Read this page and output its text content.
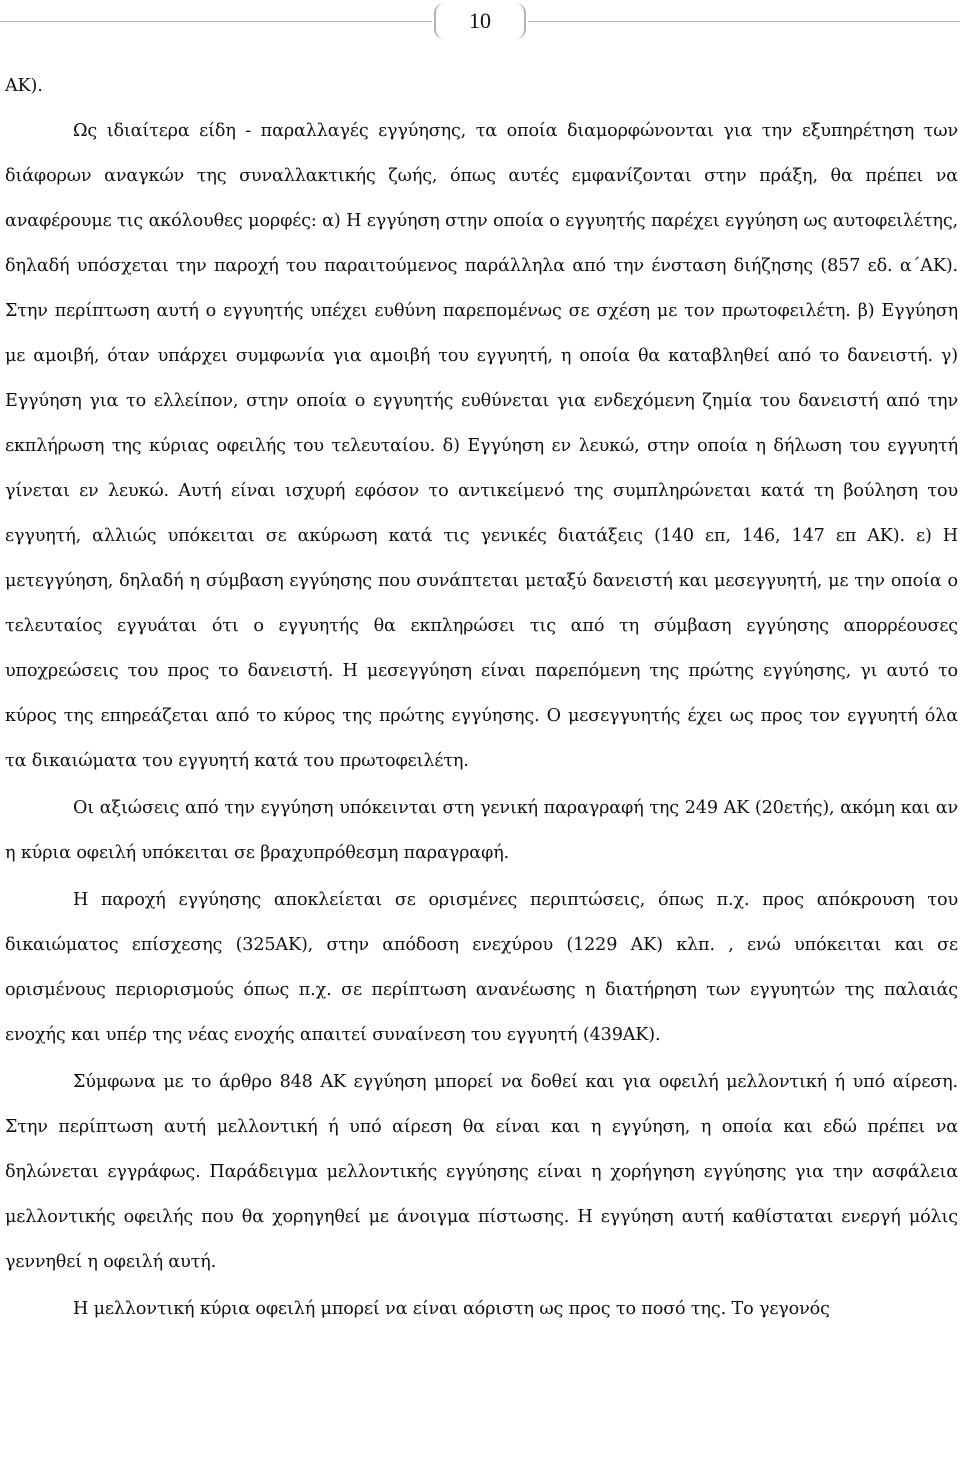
10

ΑΚ).

Ως ιδιαίτερα είδη - παραλλαγές εγγύησης, τα οποία διαμορφώνονται για την εξυπηρέτηση των διάφορων αναγκών της συναλλακτικής ζωής, όπως αυτές εμφανίζονται στην πράξη, θα πρέπει να αναφέρουμε τις ακόλουθες μορφές: α) Η εγγύηση στην οποία ο εγγυητής παρέχει εγγύηση ως αυτοφειλέτης, δηλαδή υπόσχεται την παροχή του παραιτούμενος παράλληλα από την ένσταση διήζησης (857 εδ. α΄ΑΚ). Στην περίπτωση αυτή ο εγγυητής υπέχει ευθύνη παρεπομένως σε σχέση με τον πρωτοφειλέτη. β) Εγγύηση με αμοιβή, όταν υπάρχει συμφωνία για αμοιβή του εγγυητή, η οποία θα καταβληθεί από το δανειστή. γ) Εγγύηση για το ελλείπον, στην οποία ο εγγυητής ευθύνεται για ενδεχόμενη ζημία του δανειστή από την εκπλήρωση της κύριας οφειλής του τελευταίου. δ) Εγγύηση εν λευκώ, στην οποία η δήλωση του εγγυητή γίνεται εν λευκώ. Αυτή είναι ισχυρή εφόσον το αντικείμενό της συμπληρώνεται κατά τη βούληση του εγγυητή, αλλιώς υπόκειται σε ακύρωση κατά τις γενικές διατάξεις (140 επ, 146, 147 επ ΑΚ). ε) Η μετεγγύηση, δηλαδή η σύμβαση εγγύησης που συνάπτεται μεταξύ δανειστή και μεσεγγυητή, με την οποία ο τελευταίος εγγυάται ότι ο εγγυητής θα εκπληρώσει τις από τη σύμβαση εγγύησης απορρέουσες υποχρεώσεις του προς το δανειστή. Η μεσεγγύηση είναι παρεπόμενη της πρώτης εγγύησης, γι αυτό το κύρος της επηρεάζεται από το κύρος της πρώτης εγγύησης. Ο μεσεγγυητής έχει ως προς τον εγγυητή όλα τα δικαιώματα του εγγυητή κατά του πρωτοφειλέτη.

Οι αξιώσεις από την εγγύηση υπόκεινται στη γενική παραγραφή της 249 ΑΚ (20ετής), ακόμη και αν η κύρια οφειλή υπόκειται σε βραχυπρόθεσμη παραγραφή.

Η παροχή εγγύησης αποκλείεται σε ορισμένες περιπτώσεις, όπως π.χ. προς απόκρουση του δικαιώματος επίσχεσης (325ΑΚ), στην απόδοση ενεχύρου (1229 ΑΚ) κλπ. , ενώ υπόκειται και σε ορισμένους περιορισμούς όπως π.χ. σε περίπτωση ανανέωσης η διατήρηση των εγγυητών της παλαιάς ενοχής και υπέρ της νέας ενοχής απαιτεί συναίνεση του εγγυητή (439ΑΚ).

Σύμφωνα με το άρθρο 848 ΑΚ εγγύηση μπορεί να δοθεί και για οφειλή μελλοντική ή υπό αίρεση. Στην περίπτωση αυτή μελλοντική ή υπό αίρεση θα είναι και η εγγύηση, η οποία και εδώ πρέπει να δηλώνεται εγγράφως. Παράδειγμα μελλοντικής εγγύησης είναι η χορήγηση εγγύησης για την ασφάλεια μελλοντικής οφειλής που θα χορηγηθεί με άνοιγμα πίστωσης. Η εγγύηση αυτή καθίσταται ενεργή μόλις γεννηθεί η οφειλή αυτή.

Η μελλοντική κύρια οφειλή μπορεί να είναι αόριστη ως προς το ποσό της. Το γεγονός
